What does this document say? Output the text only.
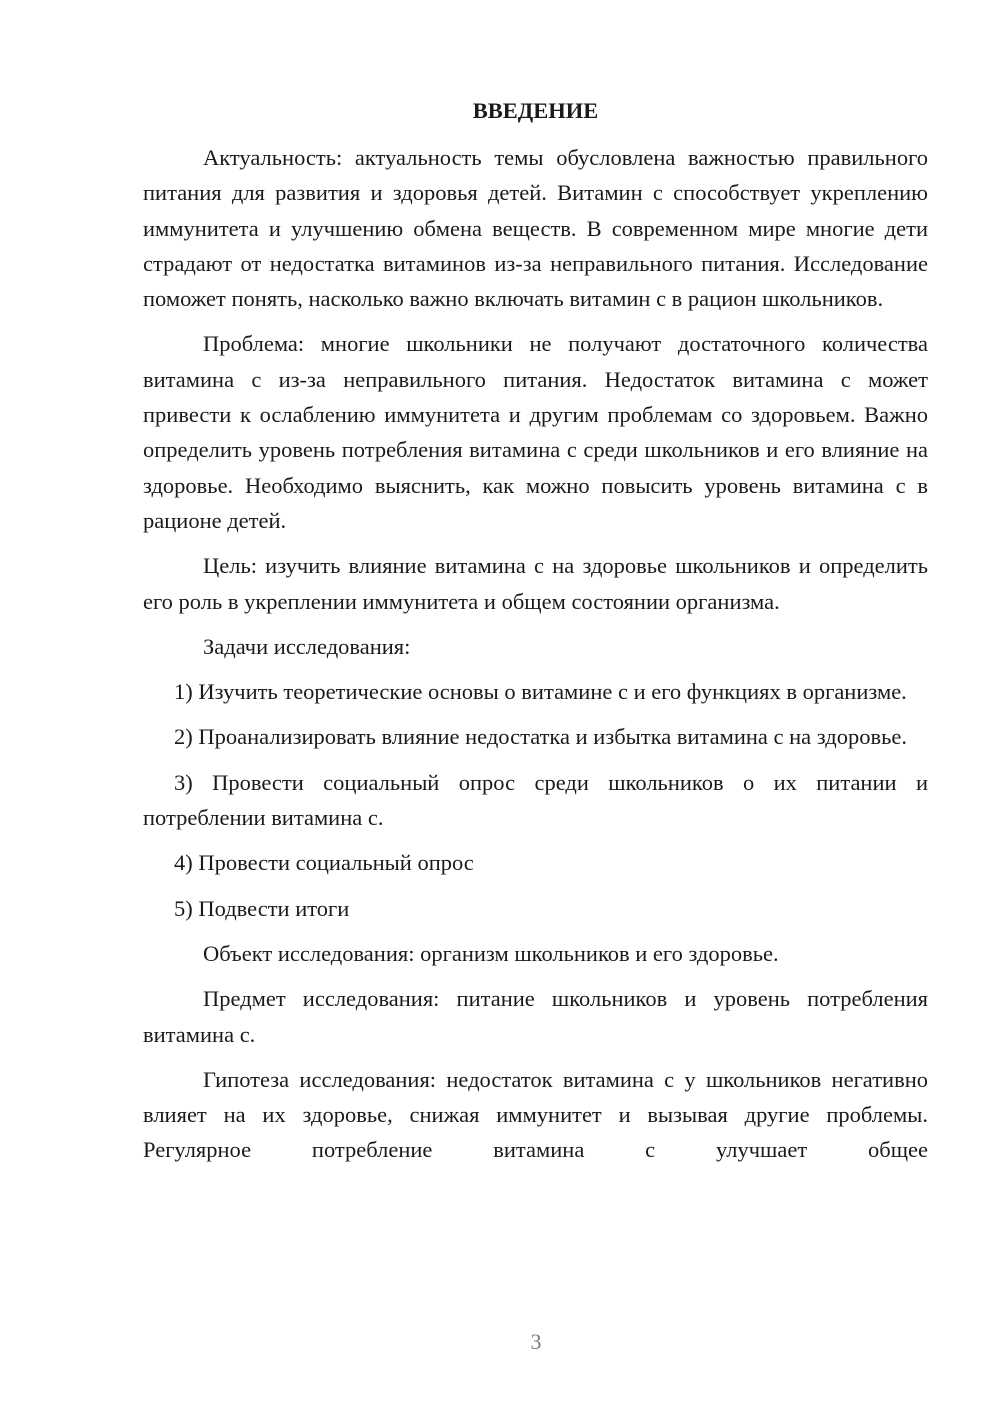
ВВЕДЕНИЕ

Актуальность: актуальность темы обусловлена важностью правильного питания для развития и здоровья детей. Витамин с способствует укреплению иммунитета и улучшению обмена веществ. В современном мире многие дети страдают от недостатка витаминов из-за неправильного питания. Исследование поможет понять, насколько важно включать витамин с в рацион школьников.

Проблема: многие школьники не получают достаточного количества витамина с из-за неправильного питания. Недостаток витамина с может привести к ослаблению иммунитета и другим проблемам со здоровьем. Важно определить уровень потребления витамина с среди школьников и его влияние на здоровье. Необходимо выяснить, как можно повысить уровень витамина с в рационе детей.

Цель: изучить влияние витамина с на здоровье школьников и определить его роль в укреплении иммунитета и общем состоянии организма.

Задачи исследования:

1) Изучить теоретические основы о витамине с и его функциях в организме.

2) Проанализировать влияние недостатка и избытка витамина с на здоровье.

3) Провести социальный опрос среди школьников о их питании и потреблении витамина с.

4) Провести социальный опрос

5) Подвести итоги

Объект исследования: организм школьников и его здоровье.

Предмет исследования: питание школьников и уровень потребления витамина с.

Гипотеза исследования: недостаток витамина с у школьников негативно влияет на их здоровье, снижая иммунитет и вызывая другие проблемы. Регулярное потребление витамина с улучшает общее

3
